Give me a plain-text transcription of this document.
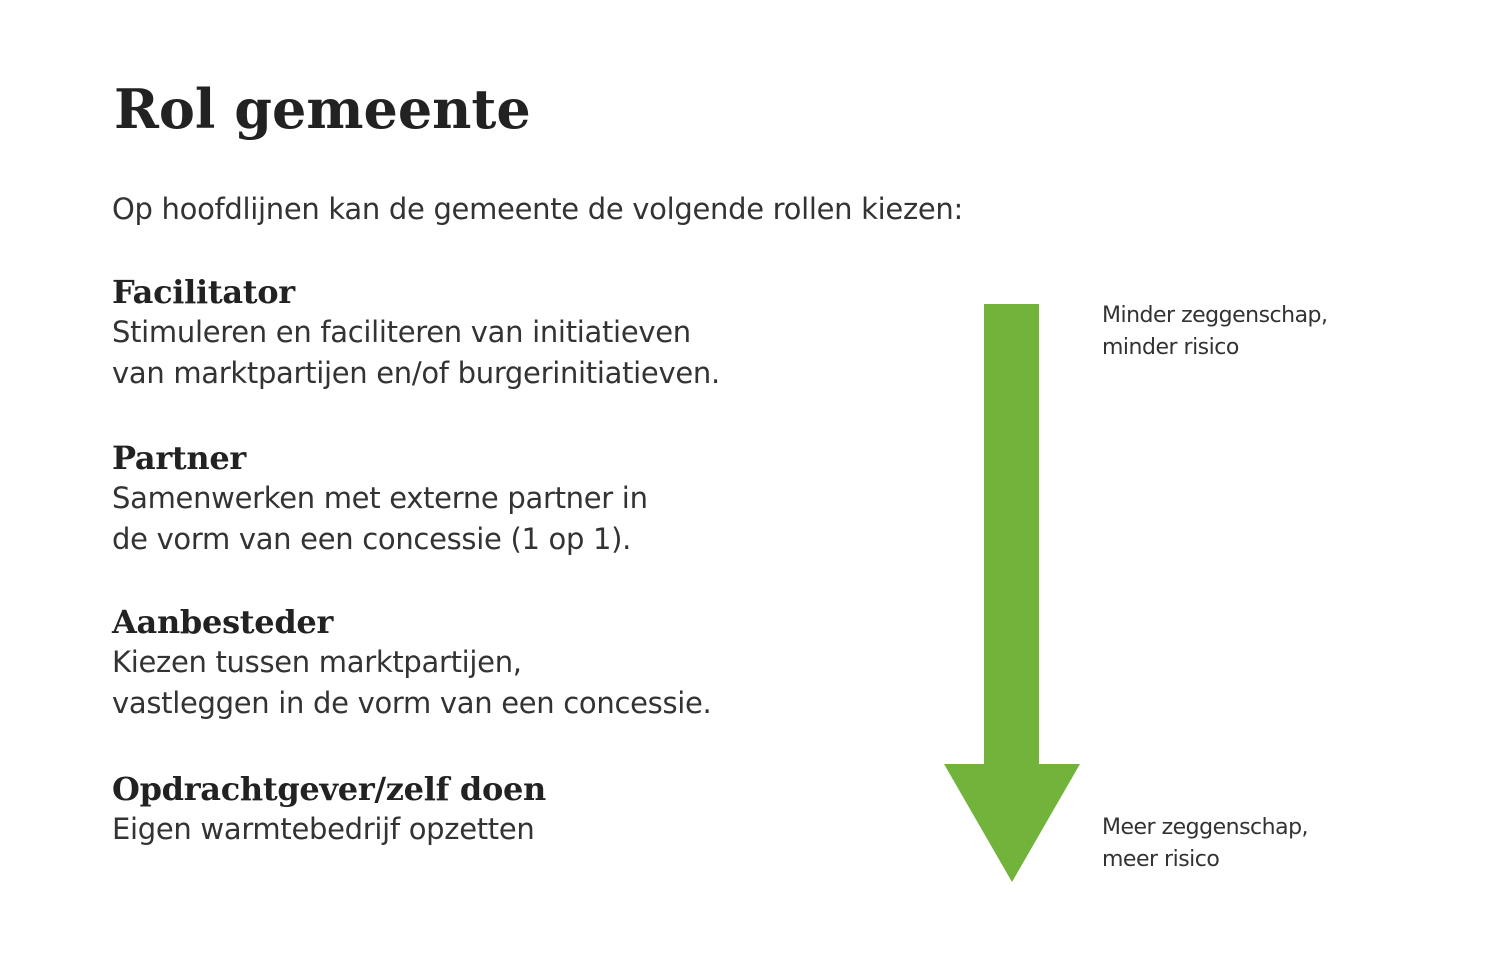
Rol gemeente

Op hoofdlijnen kan de gemeente de volgende rollen kiezen:

Facilitator

Stimuleren en faciliteren van initiatieven
van marktpartijen en/of burgerinitiatieven.

Partner

Samenwerken met externe partner in
de vorm van een concessie (1 op 1).

Aanbesteder

Kiezen tussen marktpartijen,
vastleggen in de vorm van een concessie.

Opdrachtgever/zelf doen

Eigen warmtebedrijf opzetten

Minder zeggenschap,
minder risico

Meer zeggenschap,
meer risico
